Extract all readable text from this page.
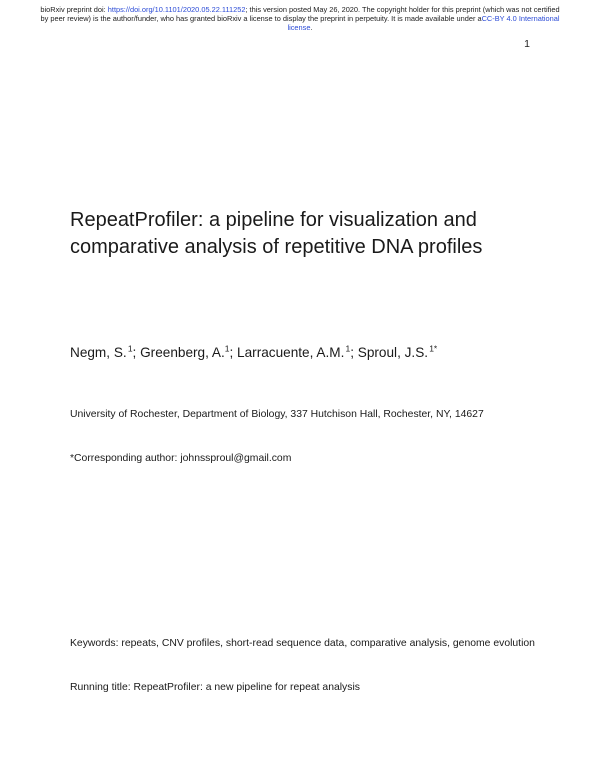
bioRxiv preprint doi: https://doi.org/10.1101/2020.05.22.111252; this version posted May 26, 2020. The copyright holder for this preprint (which was not certified by peer review) is the author/funder, who has granted bioRxiv a license to display the preprint in perpetuity. It is made available under aCC-BY 4.0 International license.
1
RepeatProfiler: a pipeline for visualization and comparative analysis of repetitive DNA profiles
Negm, S. $^1$; Greenberg, A.$^1$; Larracuente, A.M. $^1$; Sproul, J.S. $^{1*}$
University of Rochester, Department of Biology, 337 Hutchison Hall, Rochester, NY, 14627
*Corresponding author: johnssproul@gmail.com
Keywords: repeats, CNV profiles, short-read sequence data, comparative analysis, genome evolution
Running title: RepeatProfiler: a new pipeline for repeat analysis
